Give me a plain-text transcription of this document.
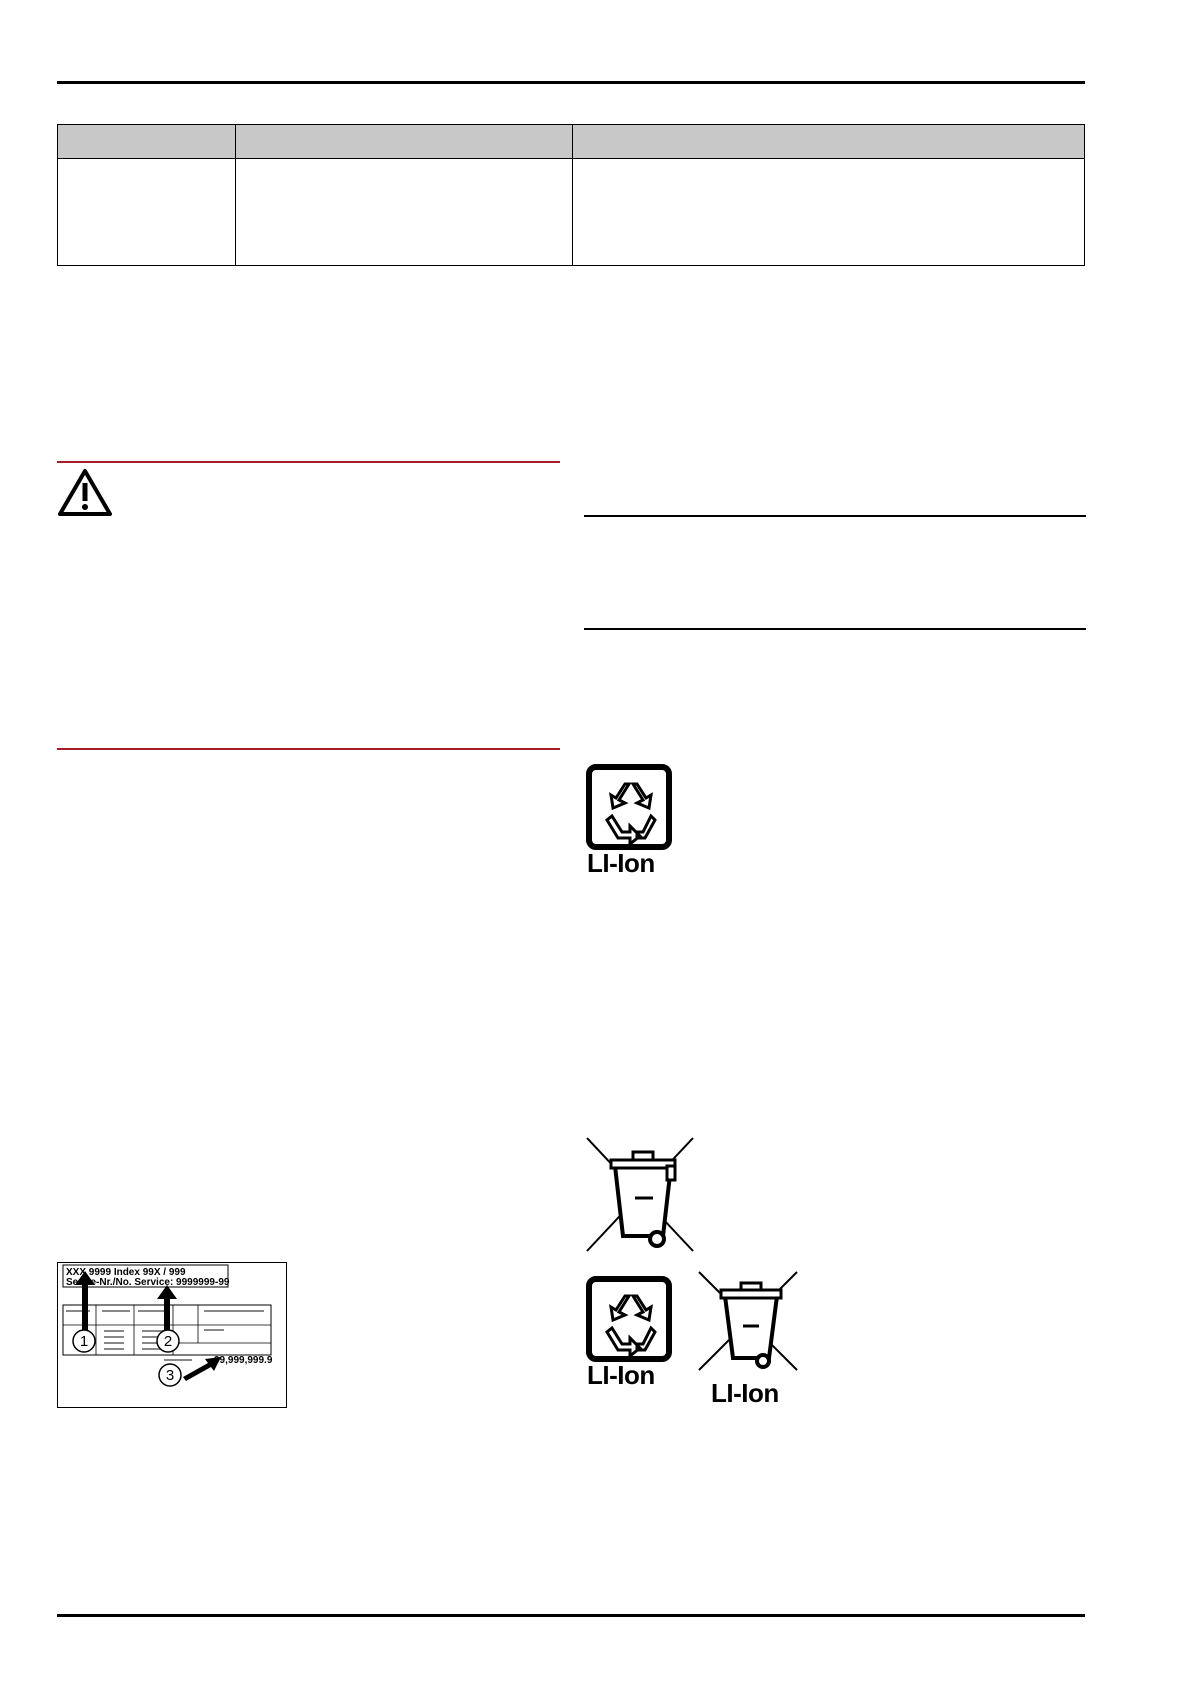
LI-Ion
LI-Ion
LI-Ion
XXX 9999 Index 99X / 999
Serv e-Nr./No. Service: 9999999-99
99,999,999.9
1	2
3
